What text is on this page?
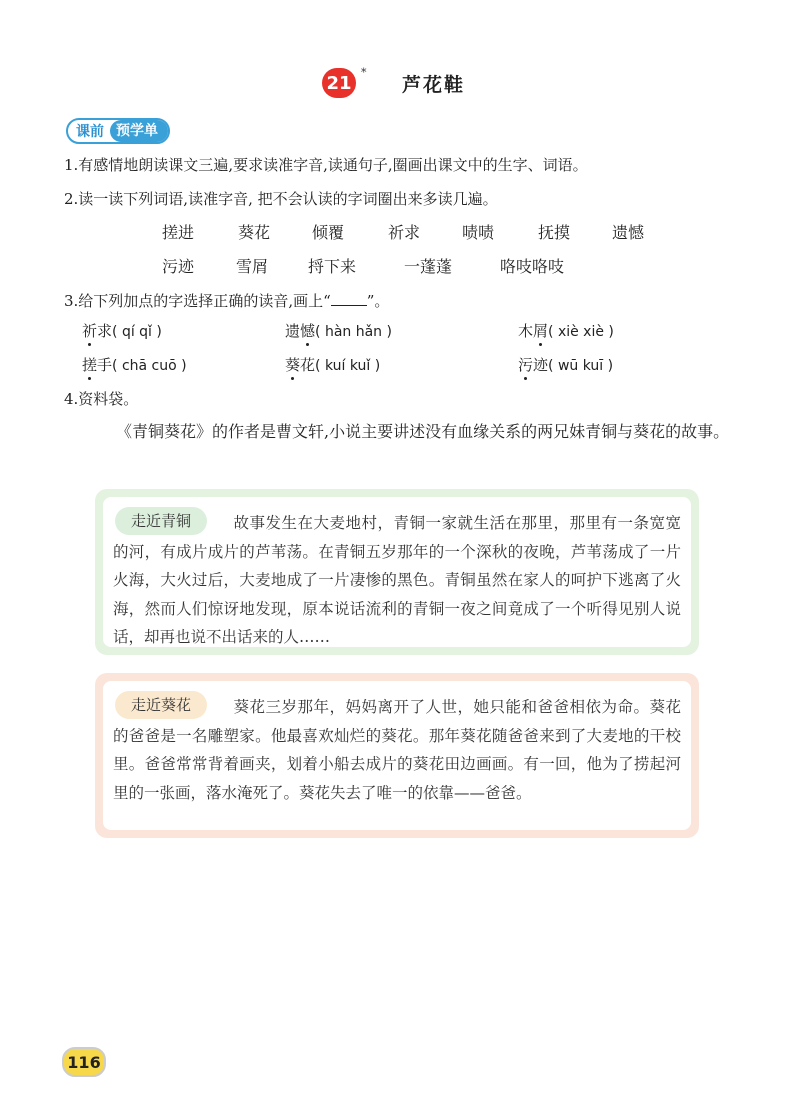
21 *
芦花鞋
课前 预学单
1.有感情地朗读课文三遍,要求读准字音,读通句子,圈画出课文中的生字、词语。
2.读一读下列词语,读准字音, 把不会认读的字词圈出来多读几遍。
搓进	葵花	倾覆	祈求	啧啧	抚摸	遗憾
污迹	雪屑 捋下来	一蓬蓬	咯吱咯吱
3.给下列加点的字选择正确的读音,画上“ ”。
祈求( qí qǐ )	遗憾( hàn hǎn )	木屑( xiè xiè )
搓手( chā cuō )	葵花( kuí kuǐ )	污迹( wū kuī )
4.资料袋。
《青铜葵花》的作者是曹文轩,小说主要讲述没有血缘关系的两兄妹青铜与葵花的故事。
走近青铜	故事发生在大麦地村，青铜一家就生活在那里，那里有一条宽宽的河，有成片成片的芦苇荡。在青铜五岁那年的一个深秋的夜晚，芦苇荡成了一片火海，大火过后，大麦地成了一片凄惨的黑色。青铜虽然在家人的呵护下逃离了火海，然而人们惊讶地发现，原本说话流利的青铜一夜之间竟成了一个听得见别人说话，却再也说不出话来的人……
走近葵花	葵花三岁那年，妈妈离开了人世，她只能和爸爸相依为命。葵花的爸爸是一名雕塑家。他最喜欢灿烂的葵花。那年葵花随爸爸来到了大麦地的干校里。爸爸常常背着画夹，划着小船去成片的葵花田边画画。有一回，他为了捞起河里的一张画，落水淹死了。葵花失去了唯一的依靠——爸爸。
116
